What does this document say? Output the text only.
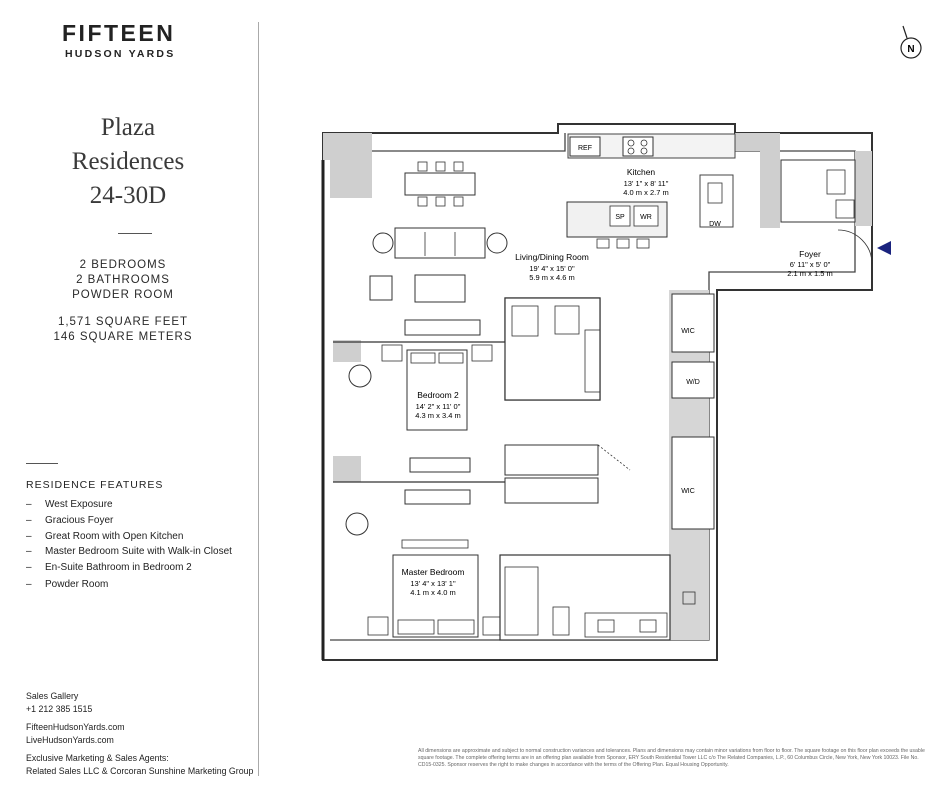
FIFTEEN
HUDSON YARDS
Plaza
Residences
24-30D
2 BEDROOMS
2 BATHROOMS
POWDER ROOM
1,571 SQUARE FEET
146 SQUARE METERS
RESIDENCE FEATURES
– West Exposure
– Gracious Foyer
– Great Room with Open Kitchen
– Master Bedroom Suite with Walk-in Closet
– En-Suite Bathroom in Bedroom 2
– Powder Room
Sales Gallery
+1 212 385 1515
FifteenHudsonYards.com
LiveHudsonYards.com
Exclusive Marketing & Sales Agents:
Related Sales LLC & Corcoran Sunshine Marketing Group
REF
DW
SP WR
WIC
W/D
WIC
N
Kitchen
13' 1" x 8' 11"
4.0 m x 2.7 m
Living/Dining Room
19' 4" x 15' 0"
5.9 m x 4.6 m
Foyer
6' 11" x 5' 0"
2.1 m x 1.5 m
Bedroom 2
14' 2" x 11' 0"
4.3 m x 3.4 m
Master Bedroom
13' 4" x 13' 1"
4.1 m x 4.0 m
All dimensions are approximate and subject to normal construction variances and tolerances. Plans and dimensions may contain minor variations from floor to floor. The square footage on this floor plan exceeds the usable square footage. The complete offering terms are in an offering plan available from Sponsor, ERY South Residential Tower LLC c/o The Related Companies, L.P., 60 Columbus Circle, New York, New York 10023. File No. CD15-0325. Sponsor reserves the right to make changes in accordance with the terms of the Offering Plan. Equal Housing Opportunity.
